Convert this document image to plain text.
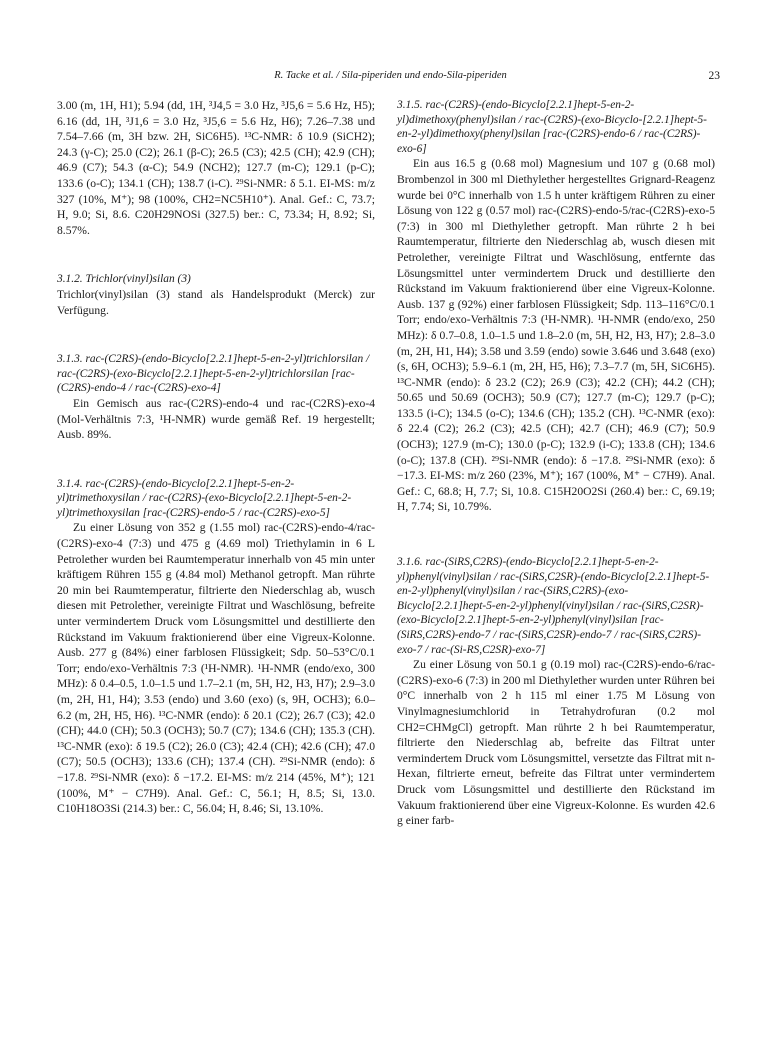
R. Tacke et al. / Sila-piperiden und endo-Sila-piperiden	23

3.00 (m, 1H, H1); 5.94 (dd, 1H, ³J4,5 = 3.0 Hz, ³J5,6 = 5.6 Hz, H5); 6.16 (dd, 1H, ³J1,6 = 3.0 Hz, ³J5,6 = 5.6 Hz, H6); 7.26–7.38 und 7.54–7.66 (m, 3H bzw. 2H, SiC6H5). ¹³C-NMR: δ 10.9 (SiCH2); 24.3 (γ-C); 25.0 (C2); 26.1 (β-C); 26.5 (C3); 42.5 (CH); 42.9 (CH); 46.9 (C7); 54.3 (α-C); 54.9 (NCH2); 127.7 (m-C); 129.1 (p-C); 133.6 (o-C); 134.1 (CH); 138.7 (i-C). ²⁹Si-NMR: δ 5.1. EI-MS: m/z 327 (10%, M⁺); 98 (100%, CH2=NC5H10⁺). Anal. Gef.: C, 73.7; H, 9.0; Si, 8.6. C20H29NOSi (327.5) ber.: C, 73.34; H, 8.92; Si, 8.57%.

3.1.2. Trichlor(vinyl)silan (3)

Trichlor(vinyl)silan (3) stand als Handelsprodukt (Merck) zur Verfügung.

3.1.3. rac-(C2RS)-(endo-Bicyclo[2.2.1]hept-5-en-2-yl)trichlorsilan / rac-(C2RS)-(exo-Bicyclo[2.2.1]hept-5-en-2-yl)trichlorsilan [rac-(C2RS)-endo-4 / rac-(C2RS)-exo-4]

Ein Gemisch aus rac-(C2RS)-endo-4 und rac-(C2RS)-exo-4 (Mol-Verhältnis 7:3, ¹H-NMR) wurde gemäß Ref. 19 hergestellt; Ausb. 89%.

3.1.4. rac-(C2RS)-(endo-Bicyclo[2.2.1]hept-5-en-2-yl)trimethoxysilan / rac-(C2RS)-(exo-Bicyclo[2.2.1]hept-5-en-2-yl)trimethoxysilan [rac-(C2RS)-endo-5 / rac-(C2RS)-exo-5]

Zu einer Lösung von 352 g (1.55 mol) rac-(C2RS)-endo-4/rac-(C2RS)-exo-4 (7:3) und 475 g (4.69 mol) Triethylamin in 6 L Petrolether wurden bei Raumtemperatur innerhalb von 45 min unter kräftigem Rühren 155 g (4.84 mol) Methanol getropft. Man rührte 20 min bei Raumtemperatur, filtrierte den Niederschlag ab, wusch diesen mit Petrolether, vereinigte Filtrat und Waschlösung, befreite unter vermindertem Druck vom Lösungsmittel und destillierte den Rückstand im Vakuum fraktionierend über eine Vigreux-Kolonne. Ausb. 277 g (84%) einer farblosen Flüssigkeit; Sdp. 50–53°C/0.1 Torr; endo/exo-Verhältnis 7:3 (¹H-NMR). ¹H-NMR (endo/exo, 300 MHz): δ 0.4–0.5, 1.0–1.5 und 1.7–2.1 (m, 5H, H2, H3, H7); 2.9–3.0 (m, 2H, H1, H4); 3.53 (endo) und 3.60 (exo) (s, 9H, OCH3); 6.0–6.2 (m, 2H, H5, H6). ¹³C-NMR (endo): δ 20.1 (C2); 26.7 (C3); 42.0 (CH); 44.0 (CH); 50.3 (OCH3); 50.7 (C7); 134.6 (CH); 135.3 (CH). ¹³C-NMR (exo): δ 19.5 (C2); 26.0 (C3); 42.4 (CH); 42.6 (CH); 47.0 (C7); 50.5 (OCH3); 133.6 (CH); 137.4 (CH). ²⁹Si-NMR (endo): δ −17.8. ²⁹Si-NMR (exo): δ −17.2. EI-MS: m/z 214 (45%, M⁺); 121 (100%, M⁺ − C7H9). Anal. Gef.: C, 56.1; H, 8.5; Si, 13.0. C10H18O3Si (214.3) ber.: C, 56.04; H, 8.46; Si, 13.10%.

3.1.5. rac-(C2RS)-(endo-Bicyclo[2.2.1]hept-5-en-2-yl)dimethoxy(phenyl)silan / rac-(C2RS)-(exo-Bicyclo-[2.2.1]hept-5-en-2-yl)dimethoxy(phenyl)silan [rac-(C2RS)-endo-6 / rac-(C2RS)-exo-6]

Ein aus 16.5 g (0.68 mol) Magnesium und 107 g (0.68 mol) Brombenzol in 300 ml Diethylether hergestelltes Grignard-Reagenz wurde bei 0°C innerhalb von 1.5 h unter kräftigem Rühren zu einer Lösung von 122 g (0.57 mol) rac-(C2RS)-endo-5/rac-(C2RS)-exo-5 (7:3) in 300 ml Diethylether getropft. Man rührte 2 h bei Raumtemperatur, filtrierte den Niederschlag ab, wusch diesen mit Petrolether, vereinigte Filtrat und Waschlösung, entfernte das Lösungsmittel unter vermindertem Druck und destillierte den Rückstand im Vakuum fraktionierend über eine Vigreux-Kolonne. Ausb. 137 g (92%) einer farblosen Flüssigkeit; Sdp. 113–116°C/0.1 Torr; endo/exo-Verhältnis 7:3 (¹H-NMR). ¹H-NMR (endo/exo, 250 MHz): δ 0.7–0.8, 1.0–1.5 und 1.8–2.0 (m, 5H, H2, H3, H7); 2.8–3.0 (m, 2H, H1, H4); 3.58 und 3.59 (endo) sowie 3.646 und 3.648 (exo) (s, 6H, OCH3); 5.9–6.1 (m, 2H, H5, H6); 7.3–7.7 (m, 5H, SiC6H5). ¹³C-NMR (endo): δ 23.2 (C2); 26.9 (C3); 42.2 (CH); 44.2 (CH); 50.65 und 50.69 (OCH3); 50.9 (C7); 127.7 (m-C); 129.7 (p-C); 133.5 (i-C); 134.5 (o-C); 134.6 (CH); 135.2 (CH). ¹³C-NMR (exo): δ 22.4 (C2); 26.2 (C3); 42.5 (CH); 42.7 (CH); 46.9 (C7); 50.9 (OCH3); 127.9 (m-C); 130.0 (p-C); 132.9 (i-C); 133.8 (CH); 134.6 (o-C); 137.8 (CH). ²⁹Si-NMR (endo): δ −17.8. ²⁹Si-NMR (exo): δ −17.3. EI-MS: m/z 260 (23%, M⁺); 167 (100%, M⁺ − C7H9). Anal. Gef.: C, 68.8; H, 7.7; Si, 10.8. C15H20O2Si (260.4) ber.: C, 69.19; H, 7.74; Si, 10.79%.

3.1.6. rac-(SiRS,C2RS)-(endo-Bicyclo[2.2.1]hept-5-en-2-yl)phenyl(vinyl)silan / rac-(SiRS,C2SR)-(endo-Bicyclo[2.2.1]hept-5-en-2-yl)phenyl(vinyl)silan / rac-(SiRS,C2RS)-(exo-Bicyclo[2.2.1]hept-5-en-2-yl)phenyl(vinyl)silan / rac-(SiRS,C2SR)-(exo-Bicyclo[2.2.1]hept-5-en-2-yl)phenyl(vinyl)silan [rac-(SiRS,C2RS)-endo-7 / rac-(SiRS,C2SR)-endo-7 / rac-(SiRS,C2RS)-exo-7 / rac-(Si-RS,C2SR)-exo-7]

Zu einer Lösung von 50.1 g (0.19 mol) rac-(C2RS)-endo-6/rac-(C2RS)-exo-6 (7:3) in 200 ml Diethylether wurden unter Rühren bei 0°C innerhalb von 2 h 115 ml einer 1.75 M Lösung von Vinylmagnesiumchlorid in Tetrahydrofuran (0.2 mol CH2=CHMgCl) getropft. Man rührte 2 h bei Raumtemperatur, filtrierte den Niederschlag ab, befreite das Filtrat unter vermindertem Druck vom Lösungsmittel, versetzte das Filtrat mit n-Hexan, filtrierte erneut, befreite das Filtrat unter vermindertem Druck vom Lösungsmittel und destillierte den Rückstand im Vakuum fraktionierend über eine Vigreux-Kolonne. Es wurden 42.6 g einer farb-
